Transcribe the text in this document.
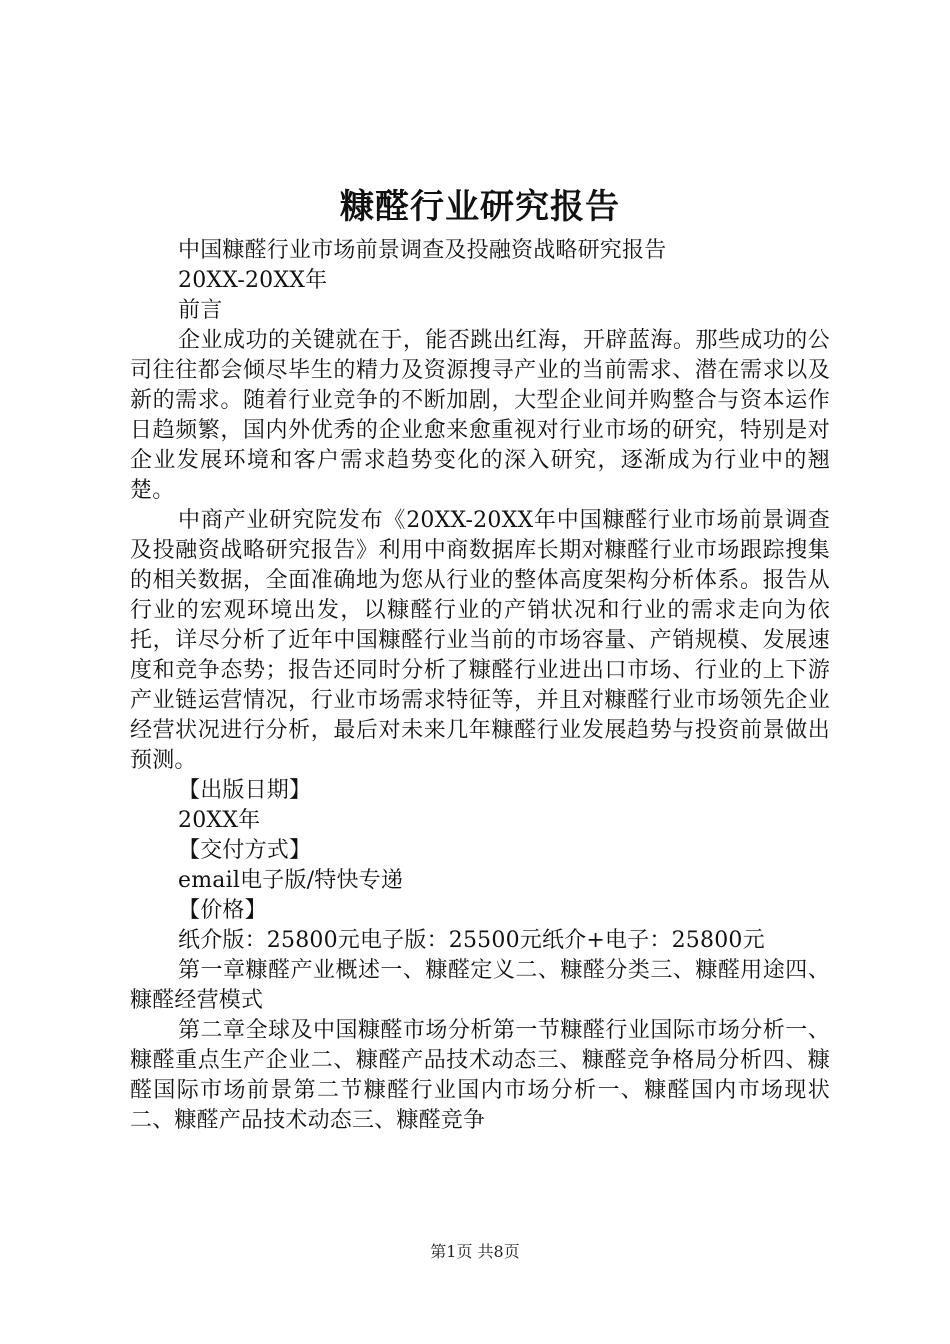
糠醛行业研究报告

中国糠醛行业市场前景调查及投融资战略研究报告

20XX-20XX年

前言

企业成功的关键就在于，能否跳出红海，开辟蓝海。那些成功的公司往往都会倾尽毕生的精力及资源搜寻产业的当前需求、潜在需求以及新的需求。随着行业竞争的不断加剧，大型企业间并购整合与资本运作日趋频繁，国内外优秀的企业愈来愈重视对行业市场的研究，特别是对企业发展环境和客户需求趋势变化的深入研究，逐渐成为行业中的翘楚。

中商产业研究院发布《20XX-20XX年中国糠醛行业市场前景调查及投融资战略研究报告》利用中商数据库长期对糠醛行业市场跟踪搜集的相关数据，全面准确地为您从行业的整体高度架构分析体系。报告从行业的宏观环境出发，以糠醛行业的产销状况和行业的需求走向为依托，详尽分析了近年中国糠醛行业当前的市场容量、产销规模、发展速度和竞争态势；报告还同时分析了糠醛行业进出口市场、行业的上下游产业链运营情况，行业市场需求特征等，并且对糠醛行业市场领先企业经营状况进行分析，最后对未来几年糠醛行业发展趋势与投资前景做出预测。

【出版日期】

20XX年

【交付方式】

email电子版/特快专递

【价格】

纸介版：25800元电子版：25500元纸介+电子：25800元

第一章糠醛产业概述一、糠醛定义二、糠醛分类三、糠醛用途四、糠醛经营模式

第二章全球及中国糠醛市场分析第一节糠醛行业国际市场分析一、糠醛重点生产企业二、糠醛产品技术动态三、糠醛竞争格局分析四、糠醛国际市场前景第二节糠醛行业国内市场分析一、糠醛国内市场现状二、糠醛产品技术动态三、糠醛竞争

第1页 共8页
